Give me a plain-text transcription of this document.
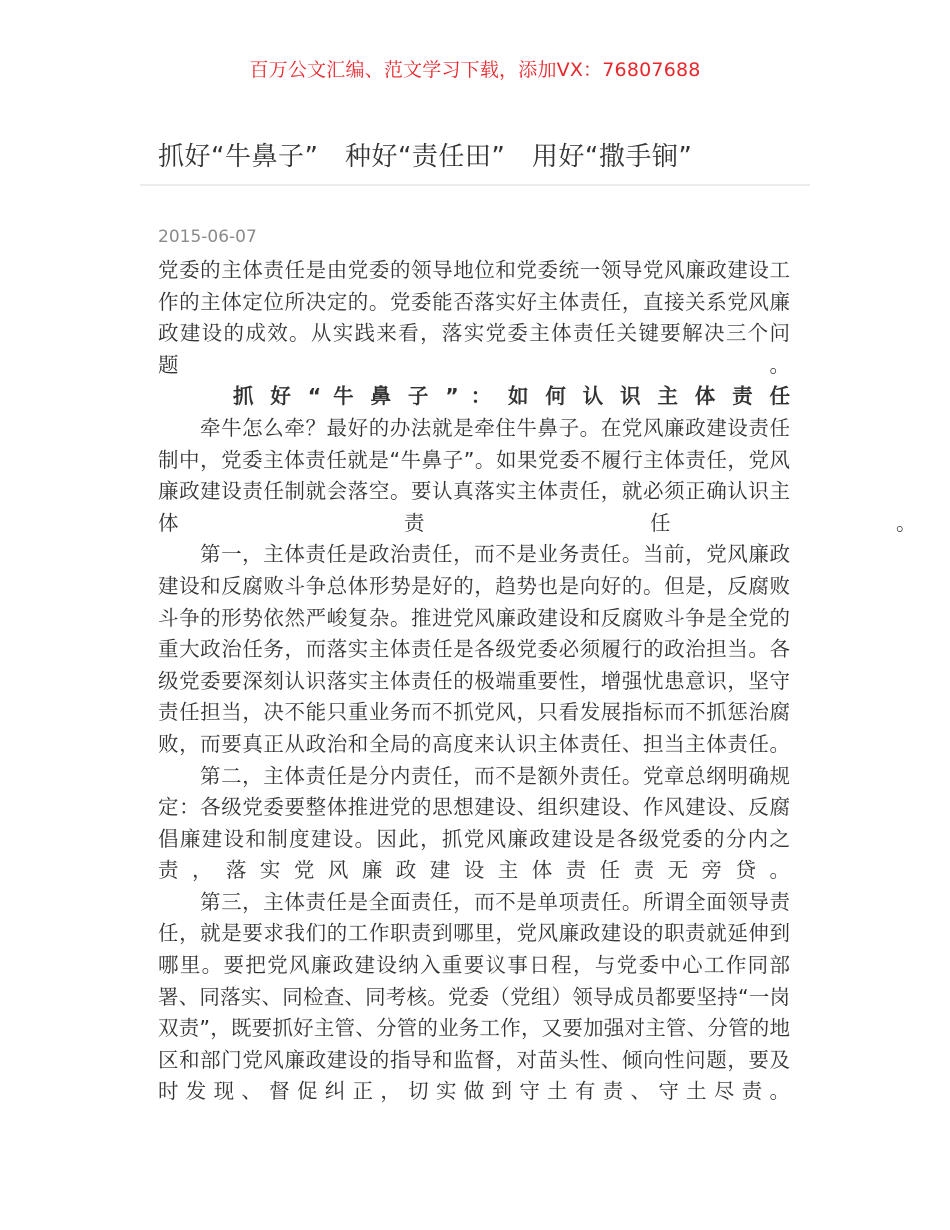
百万公文汇编、范文学习下载，添加VX：76807688
抓好“牛鼻子”　种好“责任田”　用好“撒手锏”
2015-06-07
党委的主体责任是由党委的领导地位和党委统一领导党风廉政建设工
作的主体定位所决定的。党委能否落实好主体责任，直接关系党风廉
政建设的成效。从实践来看，落实党委主体责任关键要解决三个问
题　　　　　　　　　　　　　　　　　　　　　　　　　　　　。
抓 好 “ 牛 鼻 子 ” ： 如 何 认 识 主 体 责 任
牵牛怎么牵？最好的办法就是牵住牛鼻子。在党风廉政建设责任
制中，党委主体责任就是“牛鼻子”。如果党委不履行主体责任，党风
廉政建设责任制就会落空。要认真落实主体责任，就必须正确认识主
体　　　　　　　　　　　责　　　　　　　　　　　任　　　　　　　　　　　。
第一，主体责任是政治责任，而不是业务责任。当前，党风廉政
建设和反腐败斗争总体形势是好的，趋势也是向好的。但是，反腐败
斗争的形势依然严峻复杂。推进党风廉政建设和反腐败斗争是全党的
重大政治任务，而落实主体责任是各级党委必须履行的政治担当。各
级党委要深刻认识落实主体责任的极端重要性，增强忧患意识，坚守
责任担当，决不能只重业务而不抓党风，只看发展指标而不抓惩治腐
败，而要真正从政治和全局的高度来认识主体责任、担当主体责任。
第二，主体责任是分内责任，而不是额外责任。党章总纲明确规
定：各级党委要整体推进党的思想建设、组织建设、作风建设、反腐
倡廉建设和制度建设。因此，抓党风廉政建设是各级党委的分内之
责 ， 落 实 党 风 廉 政 建 设 主 体 责 任 责 无 旁 贷 。
第三，主体责任是全面责任，而不是单项责任。所谓全面领导责
任，就是要求我们的工作职责到哪里，党风廉政建设的职责就延伸到
哪里。要把党风廉政建设纳入重要议事日程，与党委中心工作同部
署、同落实、同检查、同考核。党委（党组）领导成员都要坚持“一岗
双责”，既要抓好主管、分管的业务工作，又要加强对主管、分管的地
区和部门党风廉政建设的指导和监督，对苗头性、倾向性问题，要及
时 发 现 、 督 促 纠 正 ， 切 实 做 到 守 土 有 责 、 守 土 尽 责 。
